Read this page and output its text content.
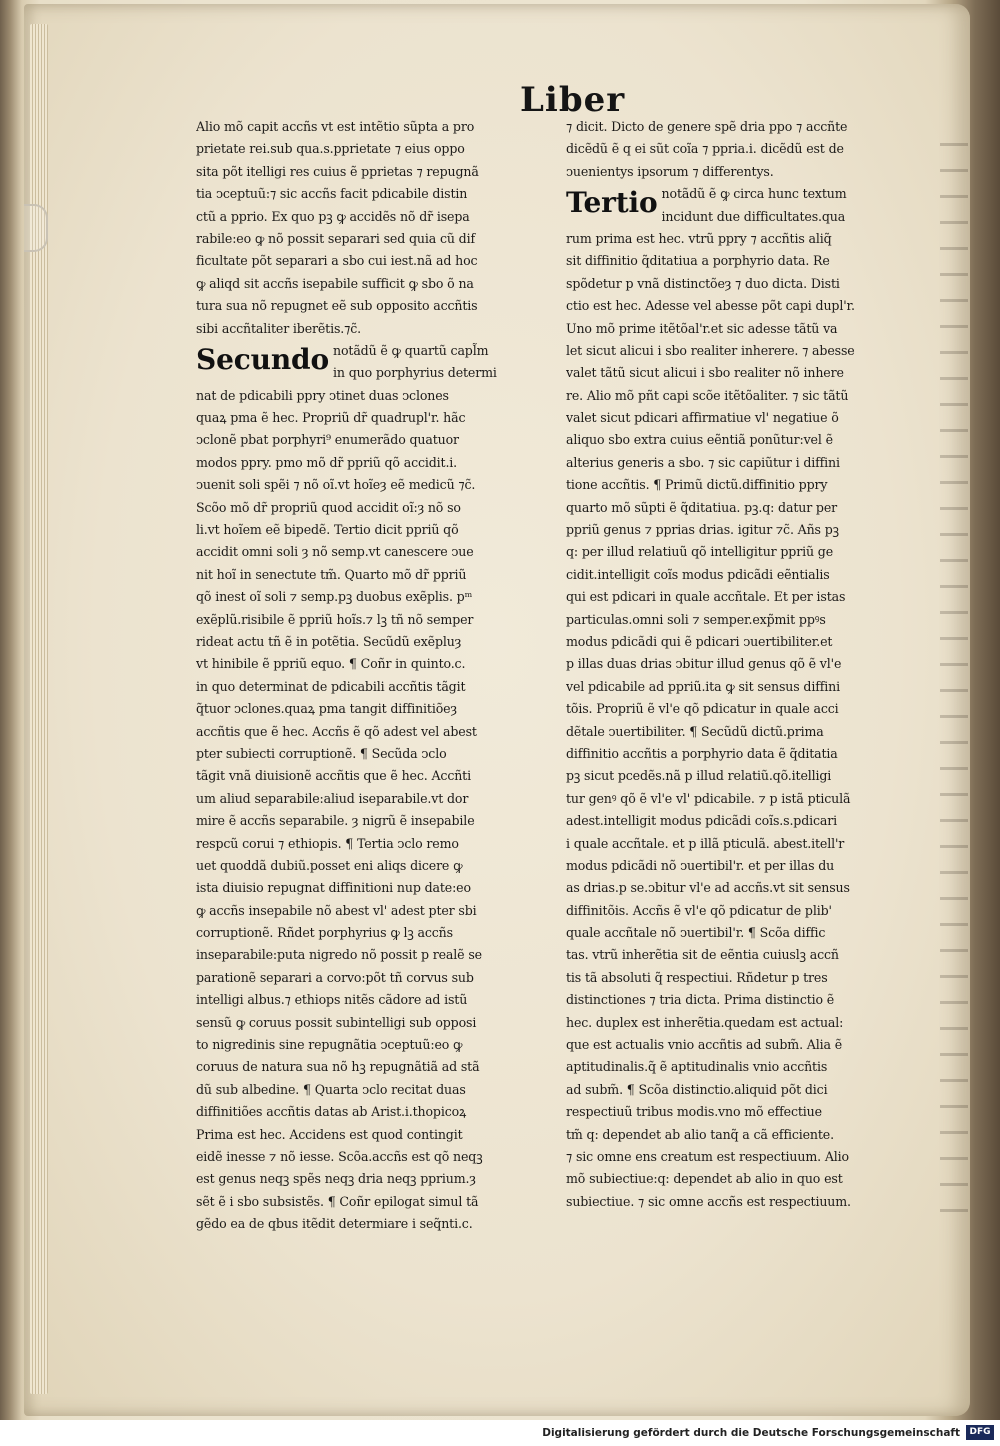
Liber
Alio mõ capit accñs vt est intẽtio sũpta a pro
prietate rei.sub qua.s.pprietate ⁊ eius oppo
sita põt itelligi res cuius ẽ pprietas ⁊ repugnã
tia ↄceptuũ:⁊ sic accñs facit pdicabile distin
ctũ a pprio. Ex quo pꝫ ꝙ accidẽs nõ dr̃ isepa
rabile:eo ꝙ nõ possit separari sed quia cũ dif
ficultate põt separari a sbo cui iest.nã ad hoc
ꝙ aliqd sit accñs isepabile sufficit ꝙ sbo õ na
tura sua nõ repugnet eẽ sub opposito accñtis
sibi accñtaliter iberẽtis.⁊c̃.
Secundo notãdũ ẽ ꝙ quartũ capl̃m
in quo porphyrius determi
nat de pdicabili ppry ↄtinet duas ↄclones
quaꝝ pma ẽ hec. Propriũ dr̃ quadrupl'r. hãc
ↄclonẽ pbat porphyri⁹ enumerãdo quatuor
modos ppry. pmo mõ dr̃ ppriũ qõ accidit.i.
ↄuenit soli spẽi ⁊ nõ oĩ.vt hoĩeȝ eẽ medicũ ⁊c̃.
Scõo mõ dr̃ propriũ quod accidit oĩ:ȝ nõ so
li.vt hoĩem eẽ bipedẽ. Tertio dicit ppriũ qõ
accidit omni soli ȝ nõ semp.vt canescere ↄue
nit hoĩ in senectute tm̃. Quarto mõ dr̃ ppriũ
qõ inest oĩ soli ⁊ semp.pꝫ duobus exẽplis. pᵐ
exẽplũ.risibile ẽ ppriũ hoĩs.⁊ lꝫ tñ nõ semper
rideat actu tñ ẽ in potẽtia. Secũdũ exẽpluȝ
vt hinibile ẽ ppriũ equo. ¶ Coñr in quinto.c.
in quo determinat de pdicabili accñtis tãgit
q̃tuor ↄclones.quaꝝ pma tangit diffinitiõeȝ
accñtis que ẽ hec. Accñs ẽ qõ adest vel abest
pter subiecti corruptionẽ. ¶ Secũda ↄclo
tãgit vnã diuisionẽ accñtis que ẽ hec. Accñti
um aliud separabile:aliud iseparabile.vt dor
mire ẽ accñs separabile. ȝ nigrũ ẽ insepabile
respcũ corui ⁊ ethiopis. ¶ Tertia ↄclo remo
uet quoddã dubiũ.posset eni aliqs dicere ꝙ
ista diuisio repugnat diffinitioni nup date:eo
ꝙ accñs insepabile nõ abest vl' adest pter sbi
corruptionẽ. Rñdet porphyrius ꝙ lꝫ accñs
inseparabile:puta nigredo nõ possit p realẽ se
parationẽ separari a corvo:põt tñ corvus sub
intelligi albus.⁊ ethiops nitẽs cãdore ad istũ
sensũ ꝙ coruus possit subintelligi sub opposi
to nigredinis sine repugnãtia ↄceptuũ:eo ꝙ
coruus de natura sua nõ hꝫ repugnãtiã ad stã
dũ sub albedine. ¶ Quarta ↄclo recitat duas
diffinitiões accñtis datas ab Arist.i.thopicoꝝ
Prima est hec. Accidens est quod contingit
eidẽ inesse ⁊ nõ iesse. Scõa.accñs est qõ neqꝫ
est genus neqꝫ spẽs neqꝫ dria neqꝫ pprium.ȝ
sẽt ẽ i sbo subsistẽs. ¶ Coñr epilogat simul tã
gẽdo ea de qbus itẽdit determiare i seq̃nti.c.
⁊ dicit. Dicto de genere spẽ dria ppo ⁊ accñte
dicẽdũ ẽ q ei sũt coĩa ⁊ ppria.i. dicẽdũ est de
ↄuenientys ipsorum ⁊ differentys.
Tertio notãdũ ẽ ꝙ circa hunc textum
incidunt due difficultates.qua
rum prima est hec. vtrũ ppry ⁊ accñtis aliq̃
sit diffinitio q̃ditatiua a porphyrio data. Re
spõdetur p vnã distinctõeȝ ⁊ duo dicta. Disti
ctio est hec. Adesse vel abesse põt capi dupl'r.
Uno mõ prime itẽtõal'r.et sic adesse tãtũ va
let sicut alicui i sbo realiter inherere. ⁊ abesse
valet tãtũ sicut alicui i sbo realiter nõ inhere
re. Alio mõ pñt capi scõe itẽtõaliter. ⁊ sic tãtũ
valet sicut pdicari affirmatiue vl' negatiue õ
aliquo sbo extra cuius eẽntiã ponũtur:vel ẽ
alterius generis a sbo. ⁊ sic capiũtur i diffini
tione accñtis. ¶ Primũ dictũ.diffinitio ppry
quarto mõ sũpti ẽ q̃ditatiua. pꝫ.q: datur per
ppriũ genus ⁊ pprias drias. igitur ⁊c̃. Añs pꝫ
q: per illud relatiuũ qõ intelligitur ppriũ ge
cidit.intelligit coĩs modus pdicãdi eẽntialis
qui est pdicari in quale accñtale. Et per istas
particulas.omni soli ⁊ semper.exp̃mit ppꝰs
modus pdicãdi qui ẽ pdicari ↄuertibiliter.et
p illas duas drias ↄbitur illud genus qõ ẽ vl'e
vel pdicabile ad ppriũ.ita ꝙ sit sensus diffini
tõis. Propriũ ẽ vl'e qõ pdicatur in quale acci
dẽtale ↄuertibiliter. ¶ Secũdũ dictũ.prima
diffinitio accñtis a porphyrio data ẽ q̃ditatia
pꝫ sicut pcedẽs.nã p illud relatiũ.qõ.itelligi
tur genꝰ qõ ẽ vl'e vl' pdicabile. ⁊ p istã pticulã
adest.intelligit modus pdicãdi coĩs.s.pdicari
i quale accñtale. et p illã pticulã. abest.itell'r
modus pdicãdi nõ ↄuertibil'r. et per illas du
as drias.p se.ↄbitur vl'e ad accñs.vt sit sensus
diffinitõis. Accñs ẽ vl'e qõ pdicatur de plib'
quale accñtale nõ ↄuertibil'r. ¶ Scõa diffic
tas. vtrũ inherẽtia sit de eẽntia cuiuslꝫ accñ
tis tã absoluti q̃ respectiui. Rñdetur p tres
distinctiones ⁊ tria dicta. Prima distinctio ẽ
hec. duplex est inherẽtia.quedam est actual:
que est actualis vnio accñtis ad subm̃. Alia ẽ
aptitudinalis.q̃ ẽ aptitudinalis vnio accñtis
ad subm̃. ¶ Scõa distinctio.aliquid põt dici
respectiuũ tribus modis.vno mõ effectiue
tm̃ q: dependet ab alio tanq̃ a cã efficiente.
⁊ sic omne ens creatum est respectiuum. Alio
mõ subiectiue:q: dependet ab alio in quo est
subiectiue. ⁊ sic omne accñs est respectiuum.
Digitalisierung gefördert durch die Deutsche Forschungsgemeinschaft	DFG
